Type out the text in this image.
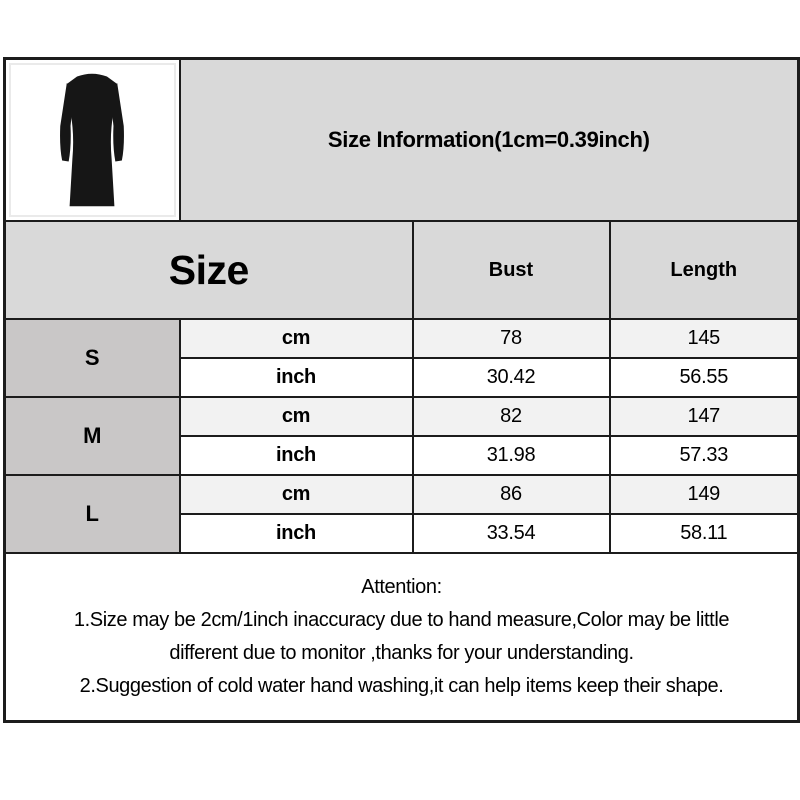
	Size Information(1cm=0.39inch)		
Size		Bust	Length
S	cm	78	145
	inch	30.42	56.55
M	cm	82	147
	inch	31.98	57.33
L	cm	86	149
	inch	33.54	58.11

Attention:
1.Size may be 2cm/1inch inaccuracy due to hand measure,Color may be little
different due to monitor ,thanks for your understanding.
2.Suggestion of cold water hand washing,it can help items keep their shape.			
